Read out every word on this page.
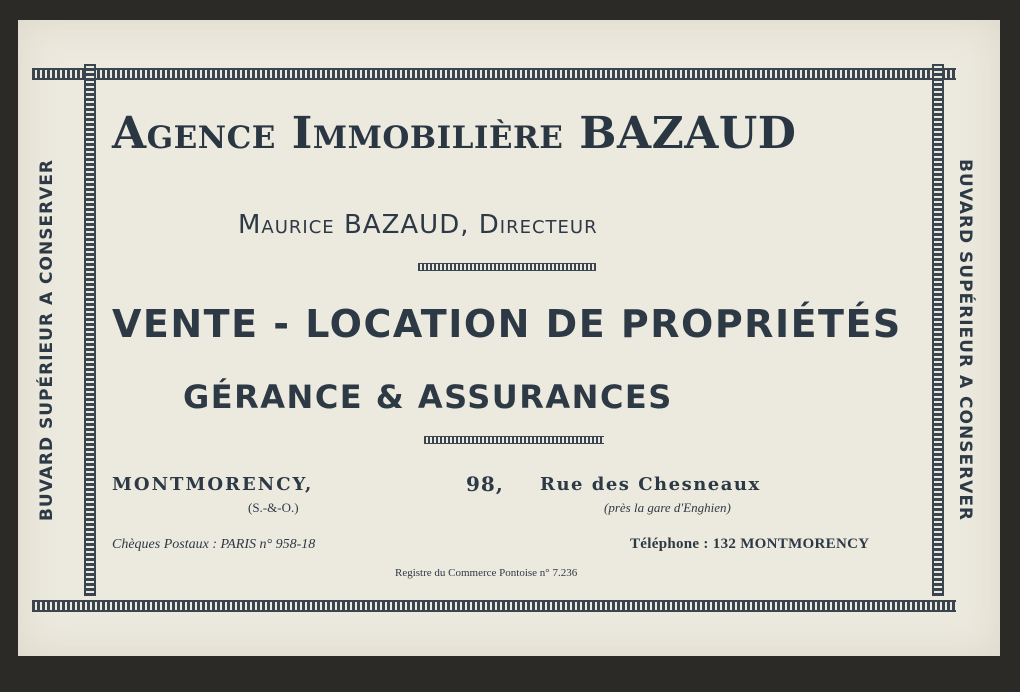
BUVARD SUPÉRIEUR A CONSERVER	BUVARD SUPÉRIEUR A CONSERVER
Agence Immobilière BAZAUD
Maurice BAZAUD, Directeur
VENTE - LOCATION DE PROPRIÉTÉS
GÉRANCE & ASSURANCES
MONTMORENCY,	98, Rue des Chesneaux
(S.-&-O.)	(près la gare d'Enghien)
Chèques Postaux : PARIS n° 958-18	Téléphone : 132 MONTMORENCY
Registre du Commerce Pontoise n° 7.236
